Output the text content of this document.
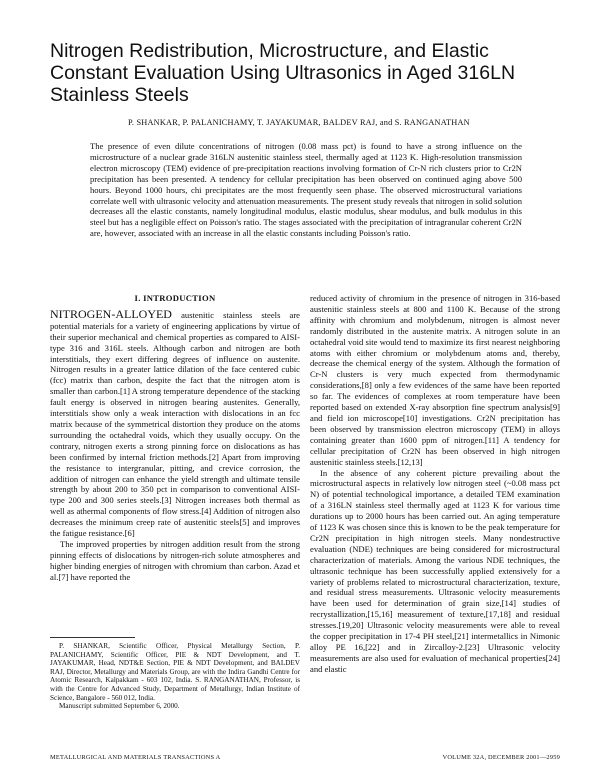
Nitrogen Redistribution, Microstructure, and Elastic Constant Evaluation Using Ultrasonics in Aged 316LN Stainless Steels
P. SHANKAR, P. PALANICHAMY, T. JAYAKUMAR, BALDEV RAJ, and S. RANGANATHAN

The presence of even dilute concentrations of nitrogen (0.08 mass pct) is found to have a strong influence on the microstructure of a nuclear grade 316LN austenitic stainless steel, thermally aged at 1123 K. High-resolution transmission electron microscopy (TEM) evidence of pre-precipitation reactions involving formation of Cr-N rich clusters prior to Cr2N precipitation has been presented. A tendency for cellular precipitation has been observed on continued aging above 500 hours. Beyond 1000 hours, chi precipitates are the most frequently seen phase. The observed microstructural variations correlate well with ultrasonic velocity and attenuation measurements. The present study reveals that nitrogen in solid solution decreases all the elastic constants, namely longitudinal modulus, elastic modulus, shear modulus, and bulk modulus in this steel but has a negligible effect on Poisson's ratio. The stages associated with the precipitation of intragranular coherent Cr2N are, however, associated with an increase in all the elastic constants including Poisson's ratio.

I. INTRODUCTION

NITROGEN-ALLOYED austenitic stainless steels are potential materials for a variety of engineering applications by virtue of their superior mechanical and chemical properties as compared to AISI-type 316 and 316L steels. Although carbon and nitrogen are both interstitials, they exert differing degrees of influence on austenite. Nitrogen results in a greater lattice dilation of the face centered cubic (fcc) matrix than carbon, despite the fact that the nitrogen atom is smaller than carbon.[1] A strong temperature dependence of the stacking fault energy is observed in nitrogen bearing austenites. Generally, interstitials show only a weak interaction with dislocations in an fcc matrix because of the symmetrical distortion they produce on the atoms surrounding the octahedral voids, which they usually occupy. On the contrary, nitrogen exerts a strong pinning force on dislocations as has been confirmed by internal friction methods.[2] Apart from improving the resistance to intergranular, pitting, and crevice corrosion, the addition of nitrogen can enhance the yield strength and ultimate tensile strength by about 200 to 350 pct in comparison to conventional AISI-type 200 and 300 series steels.[3] Nitrogen increases both thermal as well as athermal components of flow stress.[4] Addition of nitrogen also decreases the minimum creep rate of austenitic steels[5] and improves the fatigue resistance.[6]

The improved properties by nitrogen addition result from the strong pinning effects of dislocations by nitrogen-rich solute atmospheres and higher binding energies of nitrogen with chromium than carbon. Azad et al.[7] have reported the

reduced activity of chromium in the presence of nitrogen in 316-based austenitic stainless steels at 800 and 1100 K. Because of the strong affinity with chromium and molybdenum, nitrogen is almost never randomly distributed in the austenite matrix. A nitrogen solute in an octahedral void site would tend to maximize its first nearest neighboring atoms with either chromium or molybdenum atoms and, thereby, decrease the chemical energy of the system. Although the formation of Cr-N clusters is very much expected from thermodynamic considerations,[8] only a few evidences of the same have been reported so far. The evidences of complexes at room temperature have been reported based on extended X-ray absorption fine spectrum analysis[9] and field ion microscope[10] investigations. Cr2N precipitation has been observed by transmission electron microscopy (TEM) in alloys containing greater than 1600 ppm of nitrogen.[11] A tendency for cellular precipitation of Cr2N has been observed in high nitrogen austenitic stainless steels.[12,13]

In the absence of any coherent picture prevailing about the microstructural aspects in relatively low nitrogen steel (~0.08 mass pct N) of potential technological importance, a detailed TEM examination of a 316LN stainless steel thermally aged at 1123 K for various time durations up to 2000 hours has been carried out. An aging temperature of 1123 K was chosen since this is known to be the peak temperature for Cr2N precipitation in high nitrogen steels. Many nondestructive evaluation (NDE) techniques are being considered for microstructural characterization of materials. Among the various NDE techniques, the ultrasonic technique has been successfully applied extensively for a variety of problems related to microstructural characterization, texture, and residual stress measurements. Ultrasonic velocity measurements have been used for determination of grain size,[14] studies of recrystallization,[15,16] measurement of texture,[17,18] and residual stresses.[19,20] Ultrasonic velocity measurements were able to reveal the copper precipitation in 17-4 PH steel,[21] intermetallics in Nimonic alloy PE 16,[22] and in Zircalloy-2.[23] Ultrasonic velocity measurements are also used for evaluation of mechanical properties[24] and elastic

P. SHANKAR, Scientific Officer, Physical Metallurgy Section, P. PALANICHAMY, Scientific Officer, PIE & NDT Development, and T. JAYAKUMAR, Head, NDT&E Section, PIE & NDT Development, and BALDEV RAJ, Director, Metallurgy and Materials Group, are with the Indira Gandhi Centre for Atomic Research, Kalpakkam - 603 102, India. S. RANGANATHAN, Professor, is with the Centre for Advanced Study, Department of Metallurgy, Indian Institute of Science, Bangalore - 560 012, India.

Manuscript submitted September 6, 2000.

METALLURGICAL AND MATERIALS TRANSACTIONS A	VOLUME 32A, DECEMBER 2001—2959
